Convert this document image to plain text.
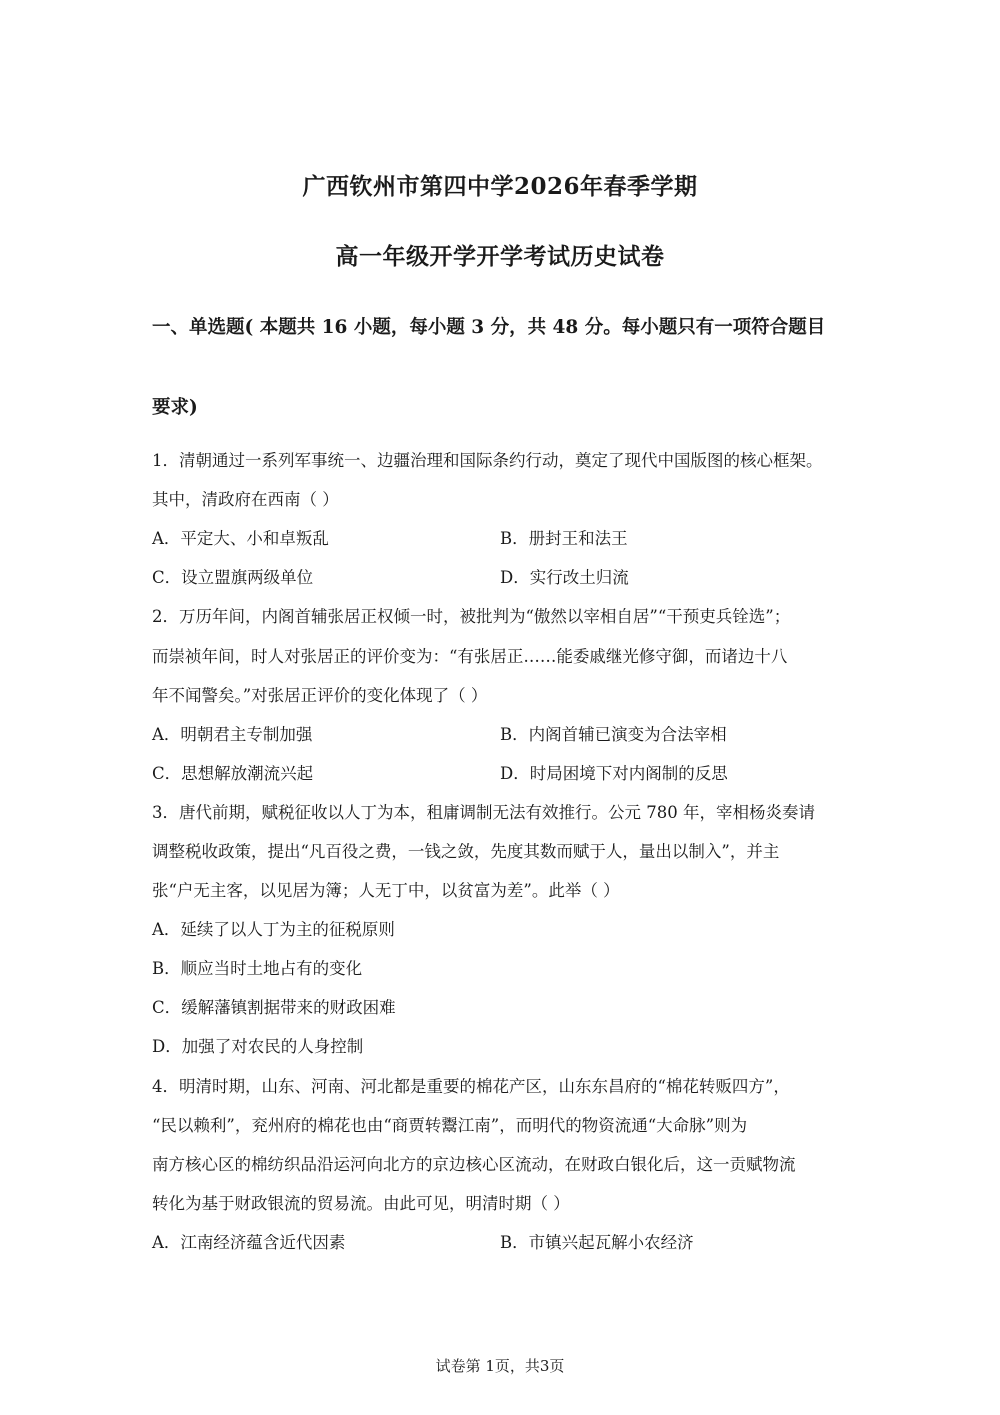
广西钦州市第四中学2026年春季学期
高一年级开学开学考试历史试卷
一、单选题( 本题共 16 小题，每小题 3 分，共 48 分。每小题只有一项符合题目
要求)
1．清朝通过一系列军事统一、边疆治理和国际条约行动，奠定了现代中国版图的核心框架。
其中，清政府在西南（ ）
A．平定大、小和卓叛乱	B．册封王和法王
C．设立盟旗两级单位	D．实行改土归流
2．万历年间，内阁首辅张居正权倾一时，被批判为“傲然以宰相自居”“干预吏兵铨选”；
而崇祯年间，时人对张居正的评价变为：“有张居正……能委戚继光修守御，而诸边十八
年不闻警矣。”对张居正评价的变化体现了（ ）
A．明朝君主专制加强	B．内阁首辅已演变为合法宰相
C．思想解放潮流兴起	D．时局困境下对内阁制的反思
3．唐代前期，赋税征收以人丁为本，租庸调制无法有效推行。公元 780 年，宰相杨炎奏请
调整税收政策，提出“凡百役之费，一钱之敛，先度其数而赋于人，量出以制入”，并主
张“户无主客，以见居为簿；人无丁中，以贫富为差”。此举（ ）
A．延续了以人丁为主的征税原则
B．顺应当时土地占有的变化
C．缓解藩镇割据带来的财政困难
D．加强了对农民的人身控制
4．明清时期，山东、河南、河北都是重要的棉花产区，山东东昌府的“棉花转贩四方”，
“民以赖利”，兖州府的棉花也由“商贾转鬻江南”，而明代的物资流通“大命脉”则为
南方核心区的棉纺织品沿运河向北方的京边核心区流动，在财政白银化后，这一贡赋物流
转化为基于财政银流的贸易流。由此可见，明清时期（ ）
A．江南经济蕴含近代因素	B．市镇兴起瓦解小农经济
试卷第 1页，共3页
